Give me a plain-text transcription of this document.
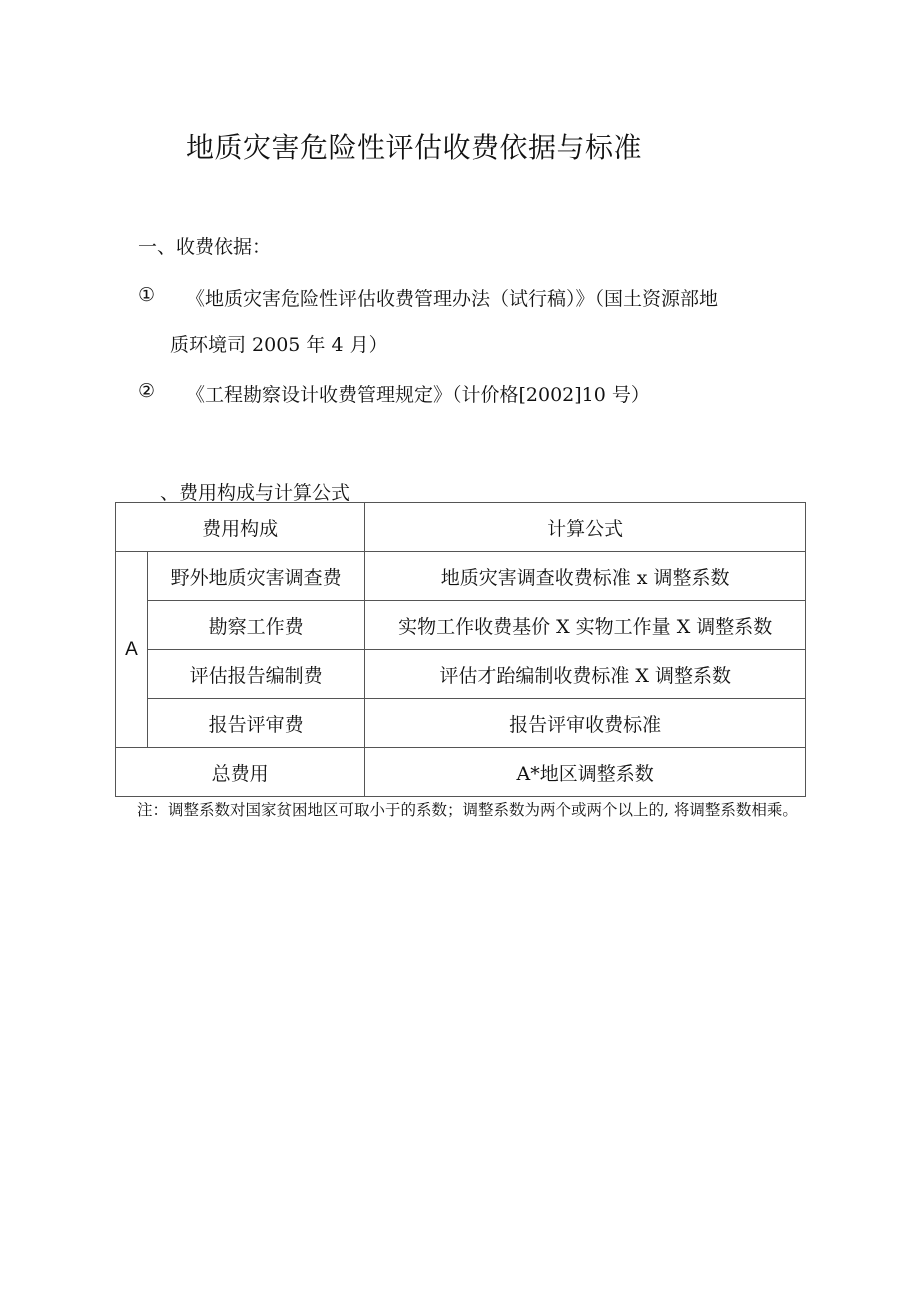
地质灾害危险性评估收费依据与标准
一、收费依据：
① 《地质灾害危险性评估收费管理办法（试行稿）》（国土资源部地
质环境司 2005 年 4 月）
② 《工程勘察设计收费管理规定》（计价格[2002]10 号）
、费用构成与计算公式
费用构成		计算公式
A	野外地质灾害调查费	地质灾害调查收费标准 x 调整系数
	勘察工作费	实物工作收费基价 X 实物工作量 X 调整系数
	评估报告编制费	评估才跆编制收费标准 X 调整系数
	报告评审费	报告评审收费标准
总费用		A*地区调整系数
注：调整系数对国家贫困地区可取小于的系数；调整系数为两个或两个以上的, 将调整系数相乘。
